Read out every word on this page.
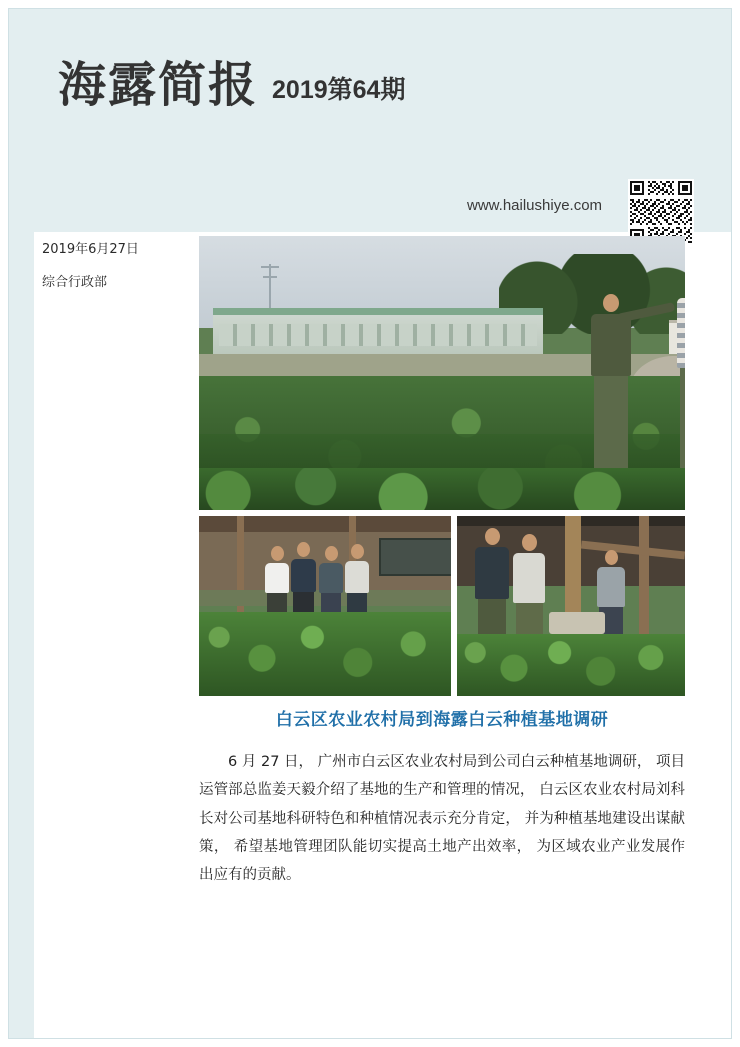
海露简报 2019第64期
www.hailushiye.com
2019年6月27日
综合行政部
白云区农业农村局到海露白云种植基地调研
6 月 27 日， 广州市白云区农业农村局到公司白云种植基地调研， 项目运管部总监姜天毅介绍了基地的生产和管理的情况， 白云区农业农村局刘科长对公司基地科研特色和种植情况表示充分肯定， 并为种植基地建设出谋献策， 希望基地管理团队能切实提高土地产出效率， 为区域农业产业发展作出应有的贡献。
